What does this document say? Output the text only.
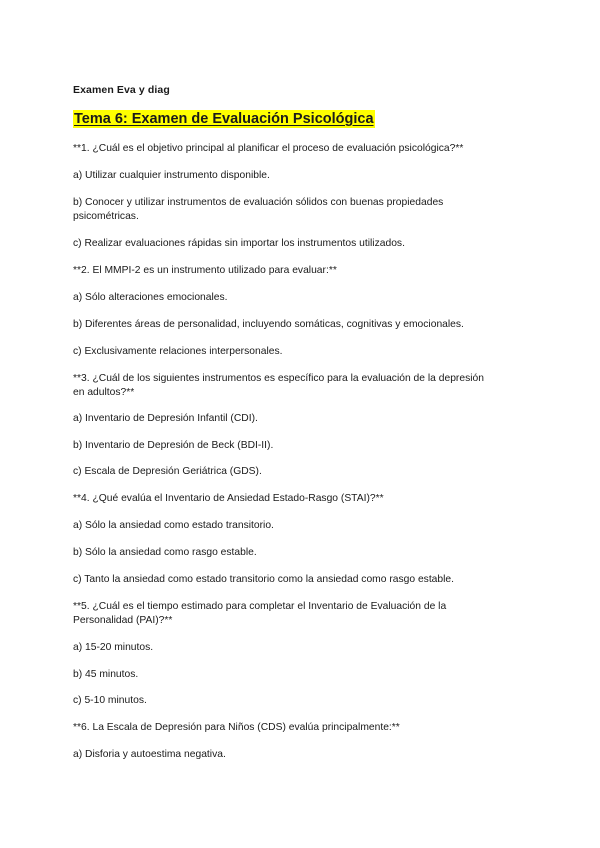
Examen Eva y diag
Tema 6: Examen de Evaluación Psicológica
**1. ¿Cuál es el objetivo principal al planificar el proceso de evaluación psicológica?**
a) Utilizar cualquier instrumento disponible.
b) Conocer y utilizar instrumentos de evaluación sólidos con buenas propiedades
psicométricas.
c) Realizar evaluaciones rápidas sin importar los instrumentos utilizados.
**2. El MMPI-2 es un instrumento utilizado para evaluar:**
a) Sólo alteraciones emocionales.
b) Diferentes áreas de personalidad, incluyendo somáticas, cognitivas y emocionales.
c) Exclusivamente relaciones interpersonales.
**3. ¿Cuál de los siguientes instrumentos es específico para la evaluación de la depresión
en adultos?**
a) Inventario de Depresión Infantil (CDI).
b) Inventario de Depresión de Beck (BDI-II).
c) Escala de Depresión Geriátrica (GDS).
**4. ¿Qué evalúa el Inventario de Ansiedad Estado-Rasgo (STAI)?**
a) Sólo la ansiedad como estado transitorio.
b) Sólo la ansiedad como rasgo estable.
c) Tanto la ansiedad como estado transitorio como la ansiedad como rasgo estable.
**5. ¿Cuál es el tiempo estimado para completar el Inventario de Evaluación de la
Personalidad (PAI)?**
a) 15-20 minutos.
b) 45 minutos.
c) 5-10 minutos.
**6. La Escala de Depresión para Niños (CDS) evalúa principalmente:**
a) Disforia y autoestima negativa.
